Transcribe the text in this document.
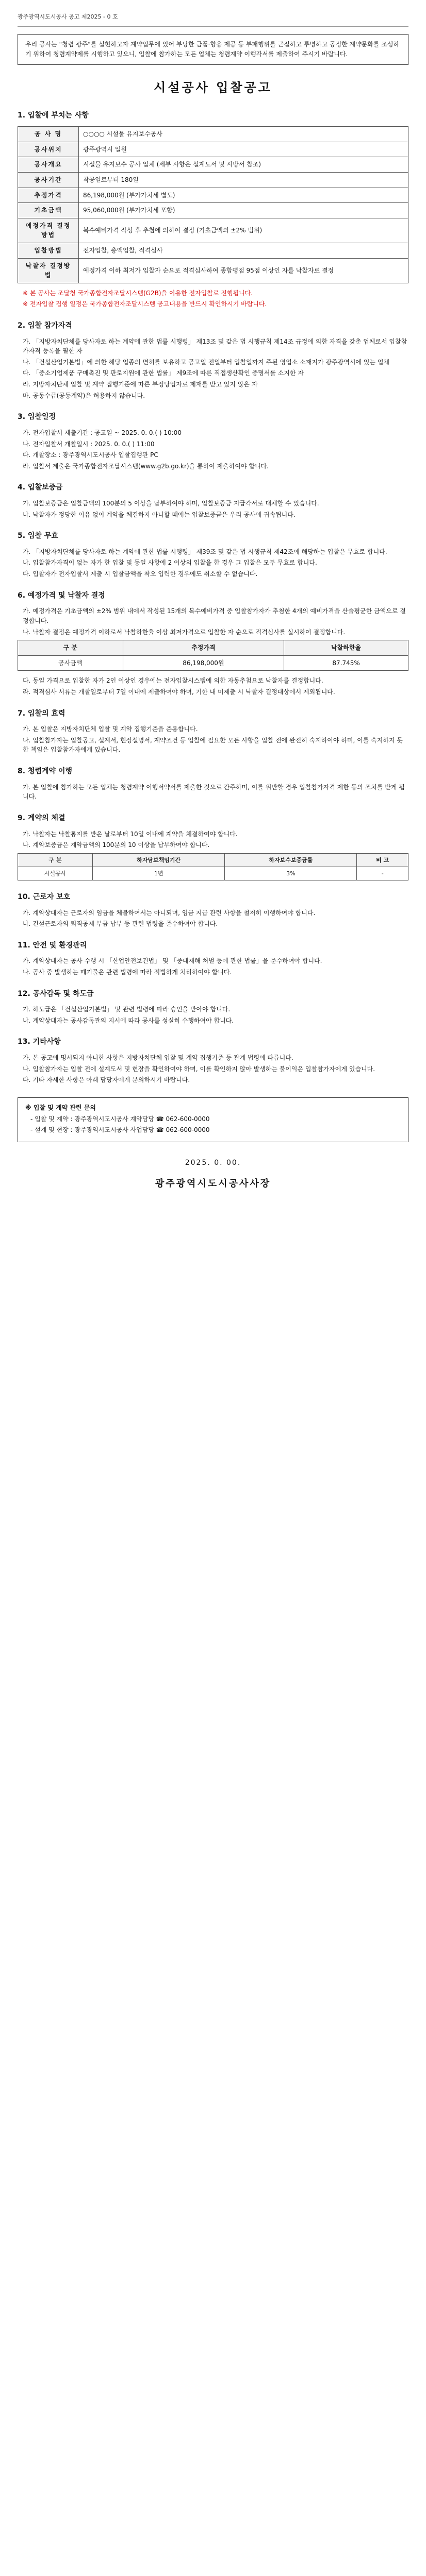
광주광역시도시공사 공고 제2025 - 0 호
우리 공사는 "청렴 광주"를 실현하고자 계약업무에 있어 부당한 금품·향응 제공 등 부패행위를 근절하고 투명하고 공정한 계약문화를 조성하기 위하여 청렴계약제를 시행하고 있으니, 입찰에 참가하는 모든 업체는 청렴계약 이행각서를 제출하여 주시기 바랍니다.
시설공사 입찰공고
1. 입찰에 부치는 사항
공 사 명	○○○○ 시설물 유지보수공사
공사위치	광주광역시 일원
공사개요	시설물 유지보수 공사 일체 (세부 사항은 설계도서 및 시방서 참조)
공사기간	착공일로부터 180일
추정가격	86,198,000원 (부가가치세 별도)
기초금액	95,060,000원 (부가가치세 포함)
예정가격 결정방법	복수예비가격 작성 후 추첨에 의하여 결정 (기초금액의 ±2% 범위)
입찰방법	전자입찰, 총액입찰, 적격심사
낙찰자 결정방법	예정가격 이하 최저가 입찰자 순으로 적격심사하여 종합평점 95점 이상인 자를 낙찰자로 결정

※ 본 공사는 조달청 국가종합전자조달시스템(G2B)을 이용한 전자입찰로 진행됩니다.

※ 전자입찰 집행 일정은 국가종합전자조달시스템 공고내용을 반드시 확인하시기 바랍니다.

2. 입찰 참가자격

가. 「지방자치단체를 당사자로 하는 계약에 관한 법률 시행령」 제13조 및 같은 법 시행규칙 제14조 규정에 의한 자격을 갖춘 업체로서 입찰참가자격 등록을 필한 자

나. 「건설산업기본법」에 의한 해당 업종의 면허를 보유하고 공고일 전일부터 입찰일까지 주된 영업소 소재지가 광주광역시에 있는 업체

다. 「중소기업제품 구매촉진 및 판로지원에 관한 법률」 제9조에 따른 직접생산확인 증명서를 소지한 자

라. 지방자치단체 입찰 및 계약 집행기준에 따른 부정당업자로 제재를 받고 있지 않은 자

마. 공동수급(공동계약)은 허용하지 않습니다.

3. 입찰일정

가. 전자입찰서 제출기간 : 공고일 ~ 2025. 0. 0.( ) 10:00

나. 전자입찰서 개찰일시 : 2025. 0. 0.( ) 11:00

다. 개찰장소 : 광주광역시도시공사 입찰집행관 PC

라. 입찰서 제출은 국가종합전자조달시스템(www.g2b.go.kr)을 통하여 제출하여야 합니다.

4. 입찰보증금

가. 입찰보증금은 입찰금액의 100분의 5 이상을 납부하여야 하며, 입찰보증금 지급각서로 대체할 수 있습니다.

나. 낙찰자가 정당한 이유 없이 계약을 체결하지 아니할 때에는 입찰보증금은 우리 공사에 귀속됩니다.

5. 입찰 무효

가. 「지방자치단체를 당사자로 하는 계약에 관한 법률 시행령」 제39조 및 같은 법 시행규칙 제42조에 해당하는 입찰은 무효로 합니다.

나. 입찰참가자격이 없는 자가 한 입찰 및 동일 사항에 2 이상의 입찰을 한 경우 그 입찰은 모두 무효로 합니다.

다. 입찰자가 전자입찰서 제출 시 입찰금액을 착오 입력한 경우에도 취소할 수 없습니다.

6. 예정가격 및 낙찰자 결정

가. 예정가격은 기초금액의 ±2% 범위 내에서 작성된 15개의 복수예비가격 중 입찰참가자가 추첨한 4개의 예비가격을 산술평균한 금액으로 결정합니다.

나. 낙찰자 결정은 예정가격 이하로서 낙찰하한율 이상 최저가격으로 입찰한 자 순으로 적격심사를 실시하여 결정합니다.

구 분	추정가격	낙찰하한율
공사금액	86,198,000원	87.745%

다. 동일 가격으로 입찰한 자가 2인 이상인 경우에는 전자입찰시스템에 의한 자동추첨으로 낙찰자를 결정합니다.

라. 적격심사 서류는 개찰일로부터 7일 이내에 제출하여야 하며, 기한 내 미제출 시 낙찰자 결정대상에서 제외됩니다.

7. 입찰의 효력

가. 본 입찰은 지방자치단체 입찰 및 계약 집행기준을 준용합니다.

나. 입찰참가자는 입찰공고, 설계서, 현장설명서, 계약조건 등 입찰에 필요한 모든 사항을 입찰 전에 완전히 숙지하여야 하며, 이를 숙지하지 못한 책임은 입찰참가자에게 있습니다.

8. 청렴계약 이행

가. 본 입찰에 참가하는 모든 업체는 청렴계약 이행서약서를 제출한 것으로 간주하며, 이를 위반할 경우 입찰참가자격 제한 등의 조치를 받게 됩니다.

9. 계약의 체결

가. 낙찰자는 낙찰통지를 받은 날로부터 10일 이내에 계약을 체결하여야 합니다.

나. 계약보증금은 계약금액의 100분의 10 이상을 납부하여야 합니다.

구 분	하자담보책임기간	하자보수보증금률	비 고
시설공사	1년	3%	-
10. 근로자 보호

가. 계약상대자는 근로자의 임금을 체불하여서는 아니되며, 임금 지급 관련 사항을 철저히 이행하여야 합니다.

나. 건설근로자의 퇴직공제 부금 납부 등 관련 법령을 준수하여야 합니다.

11. 안전 및 환경관리

가. 계약상대자는 공사 수행 시 「산업안전보건법」 및 「중대재해 처벌 등에 관한 법률」을 준수하여야 합니다.

나. 공사 중 발생하는 폐기물은 관련 법령에 따라 적법하게 처리하여야 합니다.

12. 공사감독 및 하도급

가. 하도급은 「건설산업기본법」 및 관련 법령에 따라 승인을 받아야 합니다.

나. 계약상대자는 공사감독관의 지시에 따라 공사를 성실히 수행하여야 합니다.

13. 기타사항

가. 본 공고에 명시되지 아니한 사항은 지방자치단체 입찰 및 계약 집행기준 등 관계 법령에 따릅니다.

나. 입찰참가자는 입찰 전에 설계도서 및 현장을 확인하여야 하며, 이를 확인하지 않아 발생하는 불이익은 입찰참가자에게 있습니다.

다. 기타 자세한 사항은 아래 담당자에게 문의하시기 바랍니다.

※ 입찰 및 계약 관련 문의

- 입찰 및 계약 : 광주광역시도시공사 계약담당 ☎ 062-600-0000

- 설계 및 현장 : 광주광역시도시공사 사업담당 ☎ 062-600-0000

2025. 0. 00.
광주광역시도시공사사장
